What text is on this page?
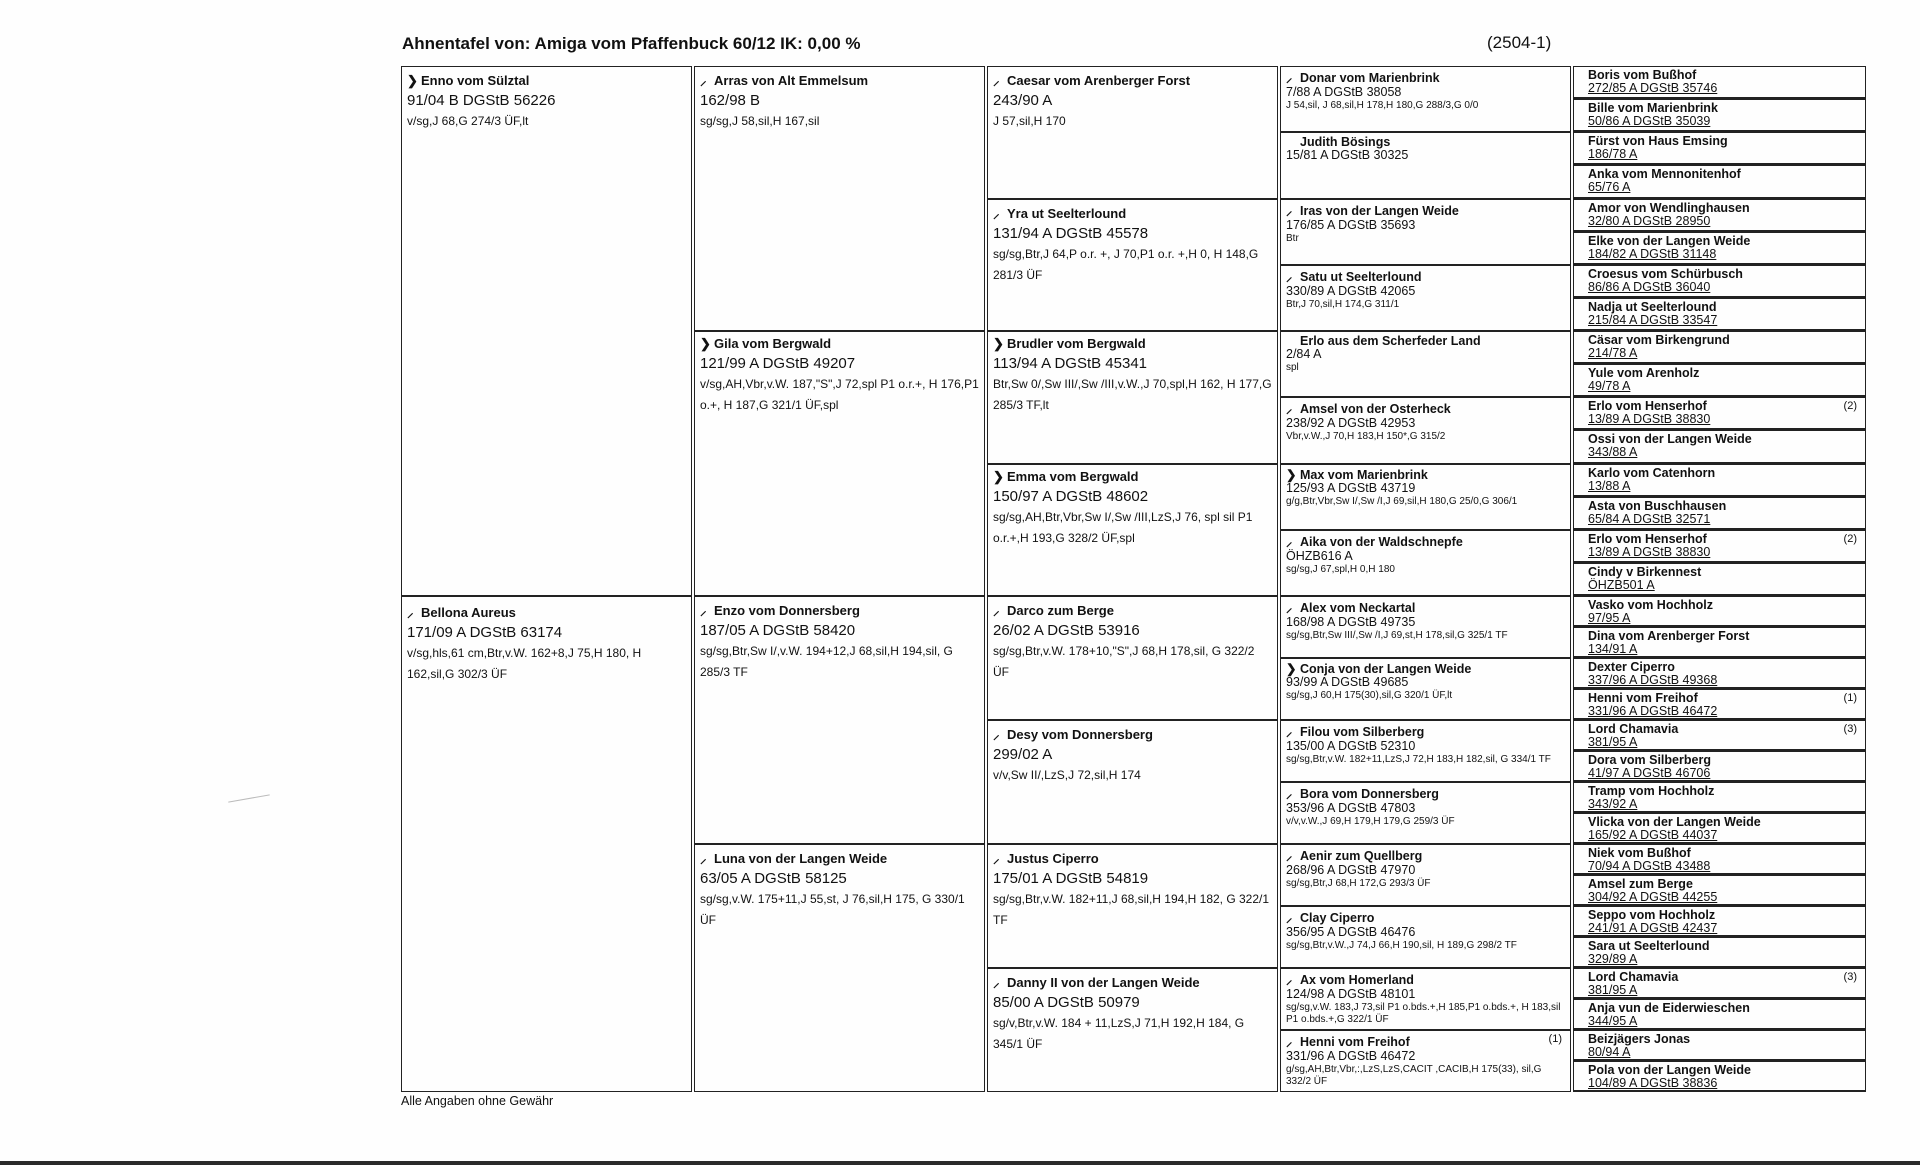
Ahnentafel von: Amiga vom Pfaffenbuck 60/12 IK: 0,00 %	(2504-1)
❯ Enno vom Sülztal
91/04 B DGStB 56226
v/sg,J 68,G 274/3 ÜF,lt
⸝ Bellona Aureus
171/09 A DGStB 63174
v/sg,hls,61 cm,Btr,v.W. 162+8,J 75,H 180, H 162,sil,G 302/3 ÜF
⸝ Arras von Alt Emmelsum
162/98 B
sg/sg,J 58,sil,H 167,sil
❯ Gila vom Bergwald
121/99 A DGStB 49207
v/sg,AH,Vbr,v.W. 187,"S",J 72,spl P1 o.r.+, H 176,P1 o.+, H 187,G 321/1 ÜF,spl
⸝ Enzo vom Donnersberg
187/05 A DGStB 58420
sg/sg,Btr,Sw I/,v.W. 194+12,J 68,sil,H 194,sil, G 285/3 TF
⸝ Luna von der Langen Weide
63/05 A DGStB 58125
sg/sg,v.W. 175+11,J 55,st, J 76,sil,H 175, G 330/1 ÜF
⸝ Caesar vom Arenberger Forst
243/90 A
J 57,sil,H 170
⸝ Yra ut Seelterlound
131/94 A DGStB 45578
sg/sg,Btr,J 64,P o.r. +, J 70,P1 o.r. +,H 0, H 148,G 281/3 ÜF
❯ Brudler vom Bergwald
113/94 A DGStB 45341
Btr,Sw 0/,Sw III/,Sw /III,v.W.,J 70,spl,H 162, H 177,G 285/3 TF,lt
❯ Emma vom Bergwald
150/97 A DGStB 48602
sg/sg,AH,Btr,Vbr,Sw I/,Sw /III,LzS,J 76, spl sil P1 o.r.+,H 193,G 328/2 ÜF,spl
⸝ Darco zum Berge
26/02 A DGStB 53916
sg/sg,Btr,v.W. 178+10,"S",J 68,H 178,sil, G 322/2 ÜF
⸝ Desy vom Donnersberg
299/02 A
v/v,Sw II/,LzS,J 72,sil,H 174
⸝ Justus Ciperro
175/01 A DGStB 54819
sg/sg,Btr,v.W. 182+11,J 68,sil,H 194,H 182, G 322/1 TF
⸝ Danny II von der Langen Weide
85/00 A DGStB 50979
sg/v,Btr,v.W. 184 + 11,LzS,J 71,H 192,H 184, G 345/1 ÜF
⸝ Donar vom Marienbrink
7/88 A DGStB 38058
J 54,sil, J 68,sil,H 178,H 180,G 288/3,G 0/0
Judith Bösings
15/81 A DGStB 30325
⸝ Iras von der Langen Weide
176/85 A DGStB 35693
Btr
⸝ Satu ut Seelterlound
330/89 A DGStB 42065
Btr,J 70,sil,H 174,G 311/1
Erlo aus dem Scherfeder Land
2/84 A
spl
⸝ Amsel von der Osterheck
238/92 A DGStB 42953
Vbr,v.W.,J 70,H 183,H 150*,G 315/2
❯ Max vom Marienbrink
125/93 A DGStB 43719
g/g,Btr,Vbr,Sw I/,Sw /I,J 69,sil,H 180,G 25/0,G 306/1
⸝ Aika von der Waldschnepfe
ÖHZB616 A
sg/sg,J 67,spl,H 0,H 180
⸝ Alex vom Neckartal
168/98 A DGStB 49735
sg/sg,Btr,Sw III/,Sw /I,J 69,st,H 178,sil,G 325/1 TF
❯ Conja von der Langen Weide
93/99 A DGStB 49685
sg/sg,J 60,H 175(30),sil,G 320/1 ÜF,lt
⸝ Filou vom Silberberg
135/00 A DGStB 52310
sg/sg,Btr,v.W. 182+11,LzS,J 72,H 183,H 182,sil, G 334/1 TF
⸝ Bora vom Donnersberg
353/96 A DGStB 47803
v/v,v.W.,J 69,H 179,H 179,G 259/3 ÜF
⸝ Aenir zum Quellberg
268/96 A DGStB 47970
sg/sg,Btr,J 68,H 172,G 293/3 ÜF
⸝ Clay Ciperro
356/95 A DGStB 46476
sg/sg,Btr,v.W.,J 74,J 66,H 190,sil, H 189,G 298/2 TF
⸝ Ax vom Homerland
124/98 A DGStB 48101
sg/sg,v.W. 183,J 73,sil P1 o.bds.+,H 185,P1 o.bds.+, H 183,sil P1 o.bds.+,G 322/1 ÜF
⸝ Henni vom Freihof
331/96 A DGStB 46472
g/sg,AH,Btr,Vbr,:,LzS,LzS,CACIT ,CACIB,H 175(33), sil,G 332/2 ÜF
(1)
Boris vom Bußhof
272/85 A DGStB 35746
Bille vom Marienbrink
50/86 A DGStB 35039
Fürst von Haus Emsing
186/78 A
Anka vom Mennonitenhof
65/76 A
Amor von Wendlinghausen
32/80 A DGStB 28950
Elke von der Langen Weide
184/82 A DGStB 31148
Croesus vom Schürbusch
86/86 A DGStB 36040
Nadja ut Seelterlound
215/84 A DGStB 33547
Cäsar vom Birkengrund
214/78 A
Yule vom Arenholz
49/78 A
Erlo vom Henserhof
13/89 A DGStB 38830
(2)
Ossi von der Langen Weide
343/88 A
Karlo vom Catenhorn
13/88 A
Asta von Buschhausen
65/84 A DGStB 32571
Erlo vom Henserhof
13/89 A DGStB 38830
(2)
Cindy v Birkennest
ÖHZB501 A
Vasko vom Hochholz
97/95 A
Dina vom Arenberger Forst
134/91 A
Dexter Ciperro
337/96 A DGStB 49368
Henni vom Freihof
331/96 A DGStB 46472
(1)
Lord Chamavia
381/95 A
(3)
Dora vom Silberberg
41/97 A DGStB 46706
Tramp vom Hochholz
343/92 A
Vlicka von der Langen Weide
165/92 A DGStB 44037
Niek vom Bußhof
70/94 A DGStB 43488
Amsel zum Berge
304/92 A DGStB 44255
Seppo vom Hochholz
241/91 A DGStB 42437
Sara ut Seelterlound
329/89 A
Lord Chamavia
381/95 A
(3)
Anja vun de Eiderwieschen
344/95 A
Beizjägers Jonas
80/94 A
Pola von der Langen Weide
104/89 A DGStB 38836
Alle Angaben ohne Gewähr
